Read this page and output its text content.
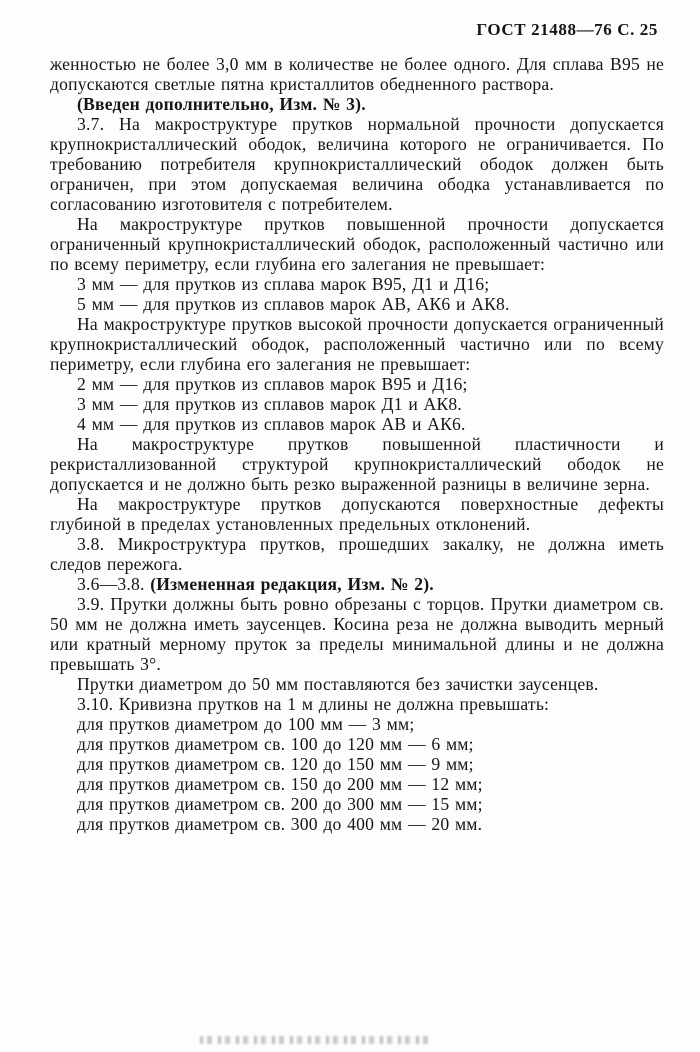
ГОСТ 21488—76 С. 25

женностью не более 3,0 мм в количестве не более одного. Для сплава В95 не допускаются светлые пятна кристаллитов обедненного раствора.

(Введен дополнительно, Изм. № 3).

3.7. На макроструктуре прутков нормальной прочности допускается крупнокристаллический ободок, величина которого не ограничивается. По требованию потребителя крупнокристаллический ободок должен быть ограничен, при этом допускаемая величина ободка устанавливается по согласованию изготовителя с потребителем.

На макроструктуре прутков повышенной прочности допускается ограниченный крупнокристаллический ободок, расположенный частично или по всему периметру, если глубина его залегания не превышает:

3 мм — для прутков из сплава марок В95, Д1 и Д16;

5 мм — для прутков из сплавов марок АВ, АК6 и АК8.

На макроструктуре прутков высокой прочности допускается ограниченный крупнокристаллический ободок, расположенный частично или по всему периметру, если глубина его залегания не превышает:

2 мм — для прутков из сплавов марок В95 и Д16;

3 мм — для прутков из сплавов марок Д1 и АК8.

4 мм — для прутков из сплавов марок АВ и АК6.

На макроструктуре прутков повышенной пластичности и рекристаллизованной структурой крупнокристаллический ободок не допускается и не должно быть резко выраженной разницы в величине зерна.

На макроструктуре прутков допускаются поверхностные дефекты глубиной в пределах установленных предельных отклонений.

3.8. Микроструктура прутков, прошедших закалку, не должна иметь следов пережога.

3.6—3.8. (Измененная редакция, Изм. № 2).

3.9. Прутки должны быть ровно обрезаны с торцов. Прутки диаметром св. 50 мм не должна иметь заусенцев. Косина реза не должна выводить мерный или кратный мерному пруток за пределы минимальной длины и не должна превышать 3°.

Прутки диаметром до 50 мм поставляются без зачистки заусенцев.

3.10. Кривизна прутков на 1 м длины не должна превышать:

для прутков диаметром до 100 мм — 3 мм;

для прутков диаметром св. 100 до 120 мм — 6 мм;

для прутков диаметром св. 120 до 150 мм — 9 мм;

для прутков диаметром св. 150 до 200 мм — 12 мм;

для прутков диаметром св. 200 до 300 мм — 15 мм;

для прутков диаметром св. 300 до 400 мм — 20 мм.
